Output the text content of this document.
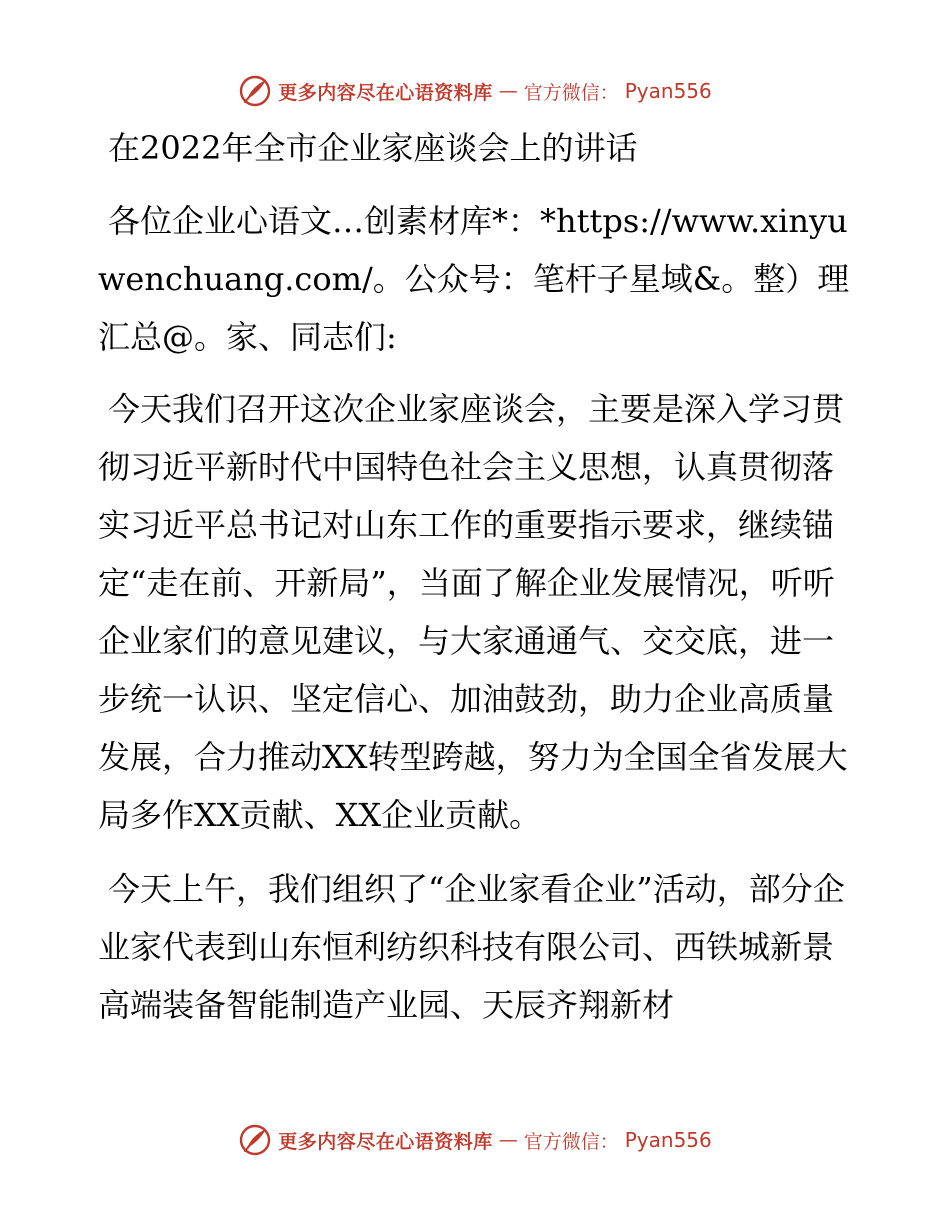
更多内容尽在心语资料库 — 官方微信： Pyan556
在2022年全市企业家座谈会上的讲话

各位企业心语文…创素材库*：*https://www.xinyuwenchuang.com/。公众号：笔杆子星域&。整）理汇总@。家、同志们:

今天我们召开这次企业家座谈会，主要是深入学习贯彻习近平新时代中国特色社会主义思想，认真贯彻落实习近平总书记对山东工作的重要指示要求，继续锚定“走在前、开新局”，当面了解企业发展情况，听听企业家们的意见建议，与大家通通气、交交底，进一步统一认识、坚定信心、加油鼓劲，助力企业高质量发展，合力推动XX转型跨越，努力为全国全省发展大局多作XX贡献、XX企业贡献。

今天上午，我们组织了“企业家看企业”活动，部分企业家代表到山东恒利纺织科技有限公司、西铁城新景高端装备智能制造产业园、天辰齐翔新材

更多内容尽在心语资料库 — 官方微信： Pyan556
